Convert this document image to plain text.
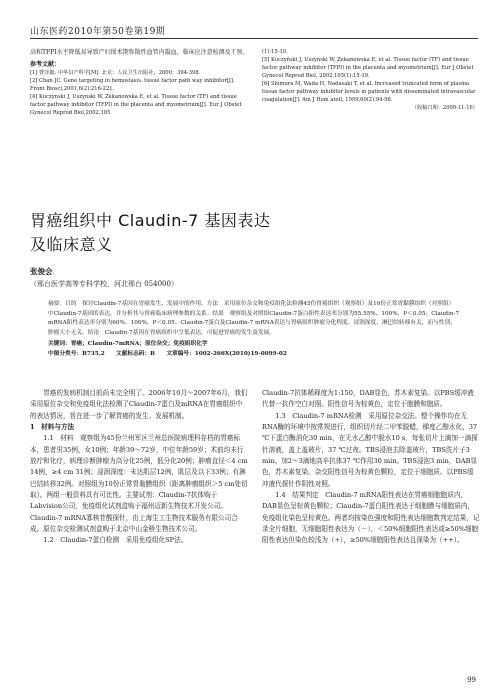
山东医药2010年第50卷第19期

高和TFPI水平降低易导致产妇围术期弥散性血管内凝血，临床应注意检测及干预。

参考文献：

[1] 曹泽毅. 中华妇产科学[M]. 北京：人民卫生出版社，2000：394-398.

[2] Chan JC. Gene targeting in hemostasis. tissue factor path way inhibitor[J]. Front Biosci,2001,6(2):216-221.

[4] Kuczynski J, Uszynski W, Zekanowska E, et al. Tissue factor (TF) and tissue factor pathway inhibitor (TFPI) in the placenta and myometrium[J]. Eur J Obstet Gynecol Reprod Biol,2002,105

(1):15-19.

[5] Kuczyński J, Uszyński W, Zekanowska E, et al. Tissue factor (TF) and tissue factor pathway inhibitor (TFPI) in the placenta and myometrium[J]. Eur J Obstet Gynecol Reprod Biol, 2002,105(1):15-19.

[6] Shimura M, Wada H, Nadasaki T, et al. Increased truncated form of plasma tissue factor pathway inhibitor levels in patients with disseminated intravascular coagulation[J]. Am J Hem atoll, 1999,60(2):94-98.

（收稿日期：2009-11-16）

胃癌组织中 Claudin-7 基因表达
及临床意义
张俊会
（邢台医学高等专科学校，河北邢台 054000）

摘要：目的　探讨Claudin-7基因在胃癌发生、发展中的作用。方法　采用原位杂交和免疫组化法检测45份胃癌组织（观察组）及10份正常胃黏膜组织（对照组）中Claudin-7基因的表达，并分析其与胃癌临床病理参数的关系。结果　观察组及对照组Claudin-7蛋白阳性表达率分别为55.55%、100%，P＜0.05；Claudin-7 mRNA阳性表达率分别为60%、100%，P＜0.05。Claudin-7蛋白及Claudin-7 mRNA表达与胃癌组织肿瘤分化程度、浸润深度、淋巴结转移有关，而与性别、肿瘤大小无关。结论　Claudin-7基因在胃癌组织中呈低表达，可促进胃癌的发生及发展。

关键词：胃癌；Claudin-7mRNA；原位杂交；免疫组织化学

中图分类号：R735.2　　文献标志码：B　　文章编号：1002-266X(2010)19-0099-02

胃癌的发病机制目前尚未完全明了。2006年10月～2007年6月，我们采用原位杂交和免疫组化法检测了Claudin-7蛋白及mRNA在胃癌组织中的表达情况，旨在进一步了解胃癌的发生、发展机制。

1　材料与方法

1.1　材料　观察组为45份兰州军区兰州总医院病理科存档的胃癌标本，患者男35例，女10例；年龄39～72岁，中位年龄59岁；术前均未行放疗和化疗，病理诊断肿瘤为高分化25例，低分化20例；肿瘤直径＜4 cm 14例，≥4 cm 31例；浸润深度：未达肌层12例，肌层及以下33例；有淋巴结转移32例。对照组为10份正常胃黏膜组织（距离肿瘤组织＞5 cm处切取）。两组一般资料具有可比性。主要试剂：Claudin-7抗体购于Labvision公司，免疫组化试剂盒购于福州迈新生物技术开发公司。Claudin-7 mRNA寡核苷酸探针，由上海生工生物技术服务有限公司合成。原位杂交检测试剂盒购于北京中山金桥生物技术公司。

1.2　Claudin-7蛋白检测　采用免疫组化SP法。

Claudin-7抗体稀释度为1:150，DAB显色，苏木素复染。以PBS缓冲液代替一抗作空白对照。阳性信号为棕黄色，定位于胞膜和胞质。

1.3　Claudin-7 mRNA检测　采用原位杂交法。整个操作均在无RNA酶的环境中按常规进行，组织切片经二甲苯脱蜡，梯度乙醇水化，37 ℃下蛋白酶消化30 min，在无水乙醇中脱水10 s，每张切片上滴加一滴探针溶液，盖上盖玻片，37 ℃过夜。TBS浸泡去除盖玻片，TBS洗片子3 min。加2～3滴地高辛抗体37 ℃作用30 min。TBS浸泡3 min，DAB显色，苏木素复染。杂交阳性信号为棕黄色颗粒，定位于细胞质。以PBS缓冲液代探针作阴性对照。

1.4　结果判定　Claudin-7 mRNA阳性表达在胃癌细胞胞质内，DAB显色呈棕黄色颗粒；Claudin-7蛋白阳性表达于细胞膜与细胞质内，免疫组化染色呈棕黄色。两者均按染色强度和阳性表达细胞数判定结果，记录全片细胞，无细胞阳性表达为（－），＜50%细胞阳性表达或≥50%细胞阳性表达但染色较浅为（+），≥50%细胞阳性表达且深染为（++）。

99
